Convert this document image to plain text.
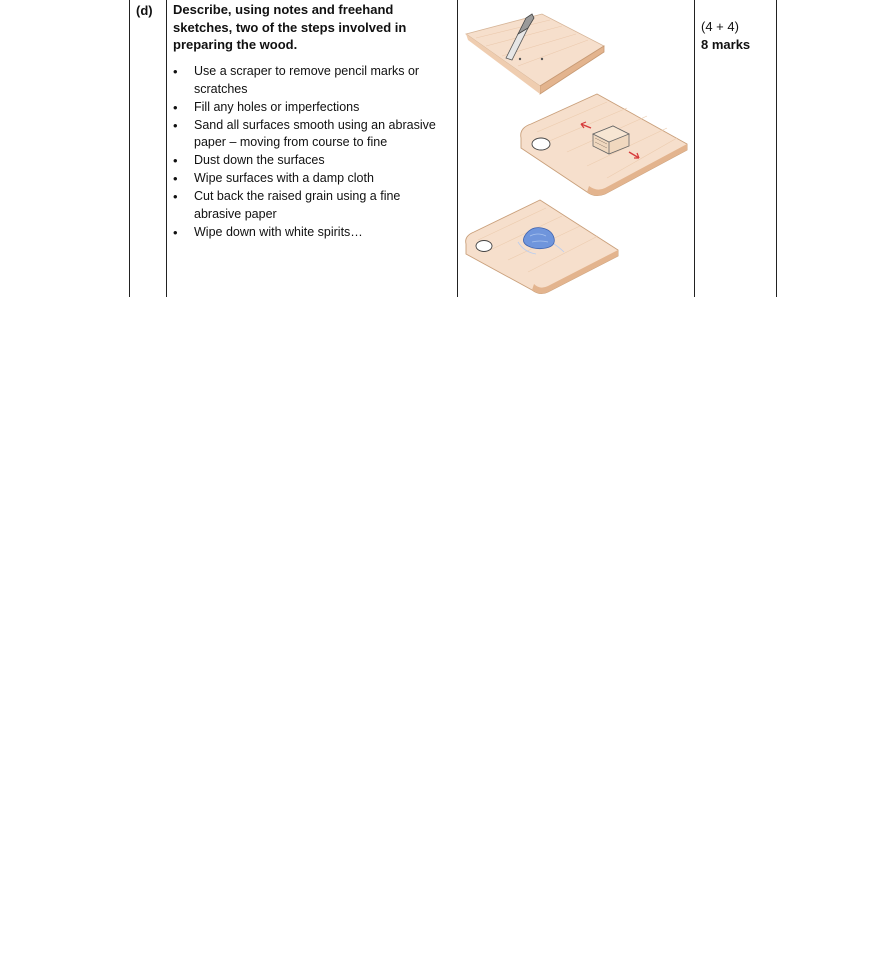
(d) Describe, using notes and freehand sketches, two of the steps involved in preparing the wood.
• Use a scraper to remove pencil marks or scratches
• Fill any holes or imperfections
• Sand all surfaces smooth using an abrasive paper – moving from course to fine
• Dust down the surfaces
• Wipe surfaces with a damp cloth
• Cut back the raised grain using a fine abrasive paper
• Wipe down with white spirits…
(4 + 4)
8 marks
